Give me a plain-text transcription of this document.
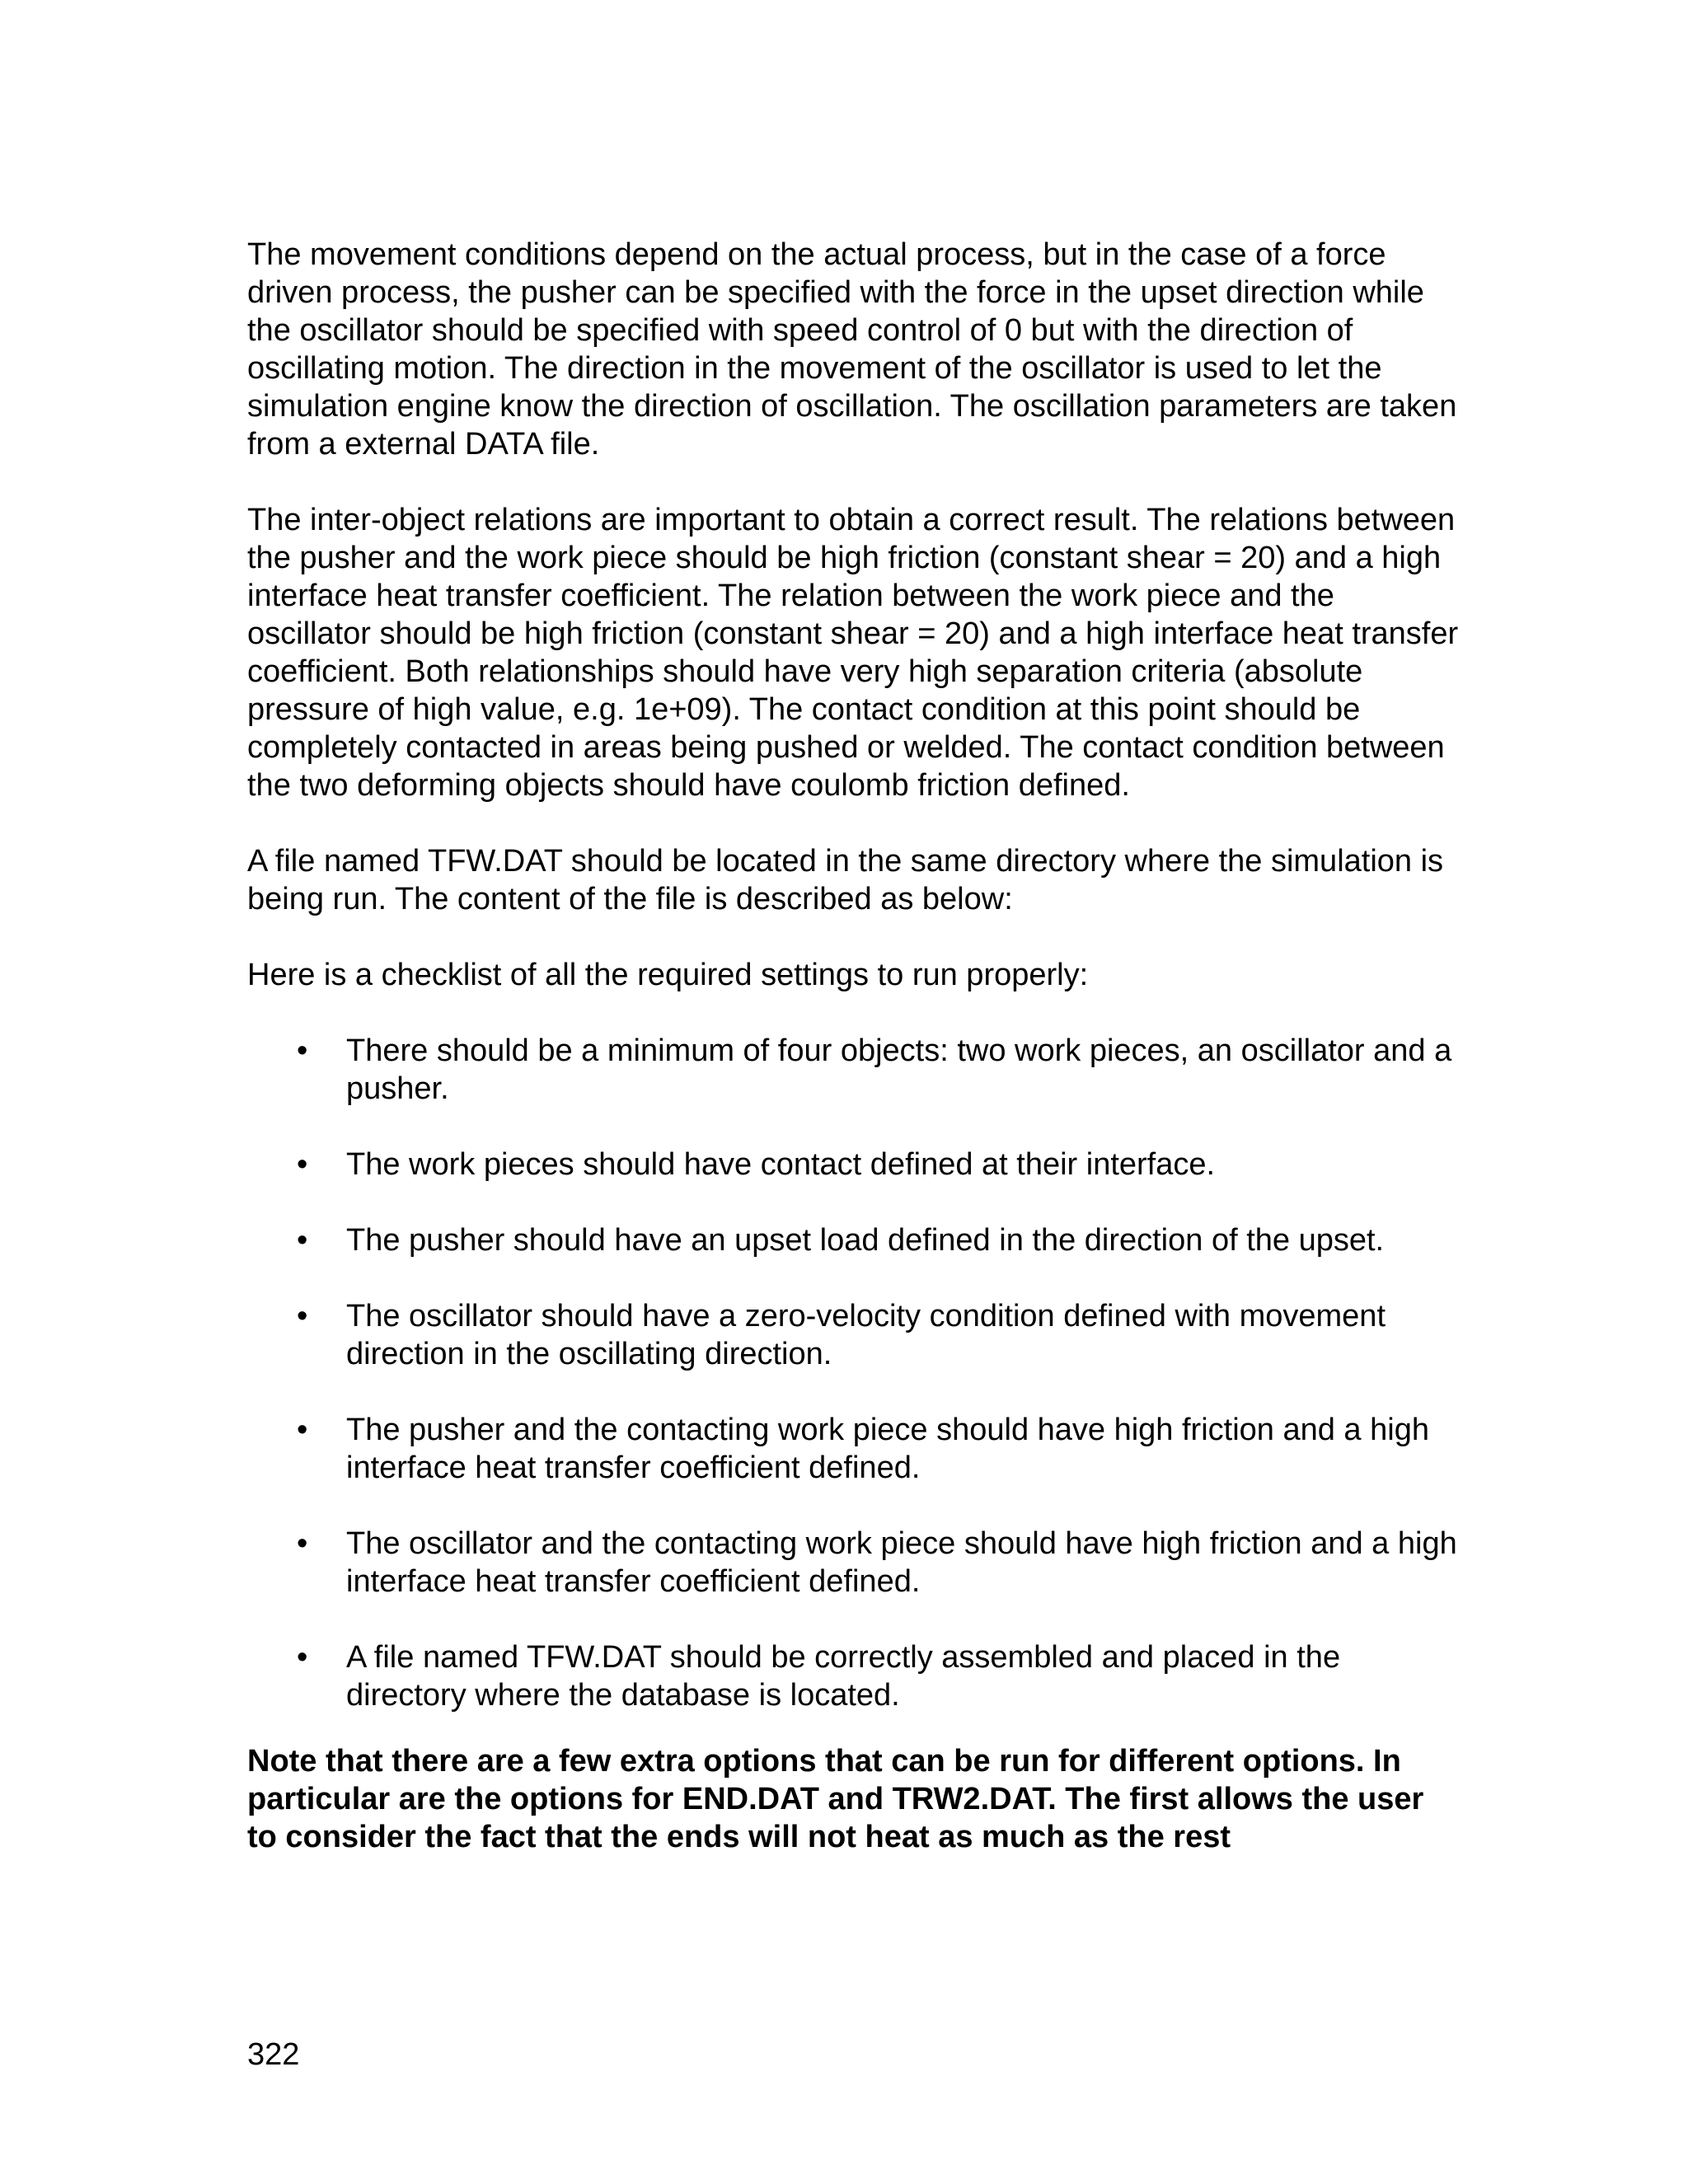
The movement conditions depend on the actual process, but in the case of a force driven process, the pusher can be specified with the force in the upset direction while the oscillator should be specified with speed control of 0 but with the direction of oscillating motion. The direction in the movement of the oscillator is used to let the simulation engine know the direction of oscillation. The oscillation parameters are taken from a external DATA file.

The inter-object relations are important to obtain a correct result. The relations between the pusher and the work piece should be high friction (constant shear = 20) and a high interface heat transfer coefficient. The relation between the work piece and the oscillator should be high friction (constant shear = 20) and a high interface heat transfer coefficient. Both relationships should have very high separation criteria (absolute pressure of high value, e.g. 1e+09). The contact condition at this point should be completely contacted in areas being pushed or welded. The contact condition between the two deforming objects should have coulomb friction defined.

A file named TFW.DAT should be located in the same directory where the simulation is being run. The content of the file is described as below:

Here is a checklist of all the required settings to run properly:

• There should be a minimum of four objects: two work pieces, an oscillator and a pusher.
• The work pieces should have contact defined at their interface.
• The pusher should have an upset load defined in the direction of the upset.
• The oscillator should have a zero-velocity condition defined with movement direction in the oscillating direction.
• The pusher and the contacting work piece should have high friction and a high interface heat transfer coefficient defined.
• The oscillator and the contacting work piece should have high friction and a high interface heat transfer coefficient defined.
• A file named TFW.DAT should be correctly assembled and placed in the directory where the database is located.

Note that there are a few extra options that can be run for different options. In particular are the options for END.DAT and TRW2.DAT. The first allows the user to consider the fact that the ends will not heat as much as the rest

322
